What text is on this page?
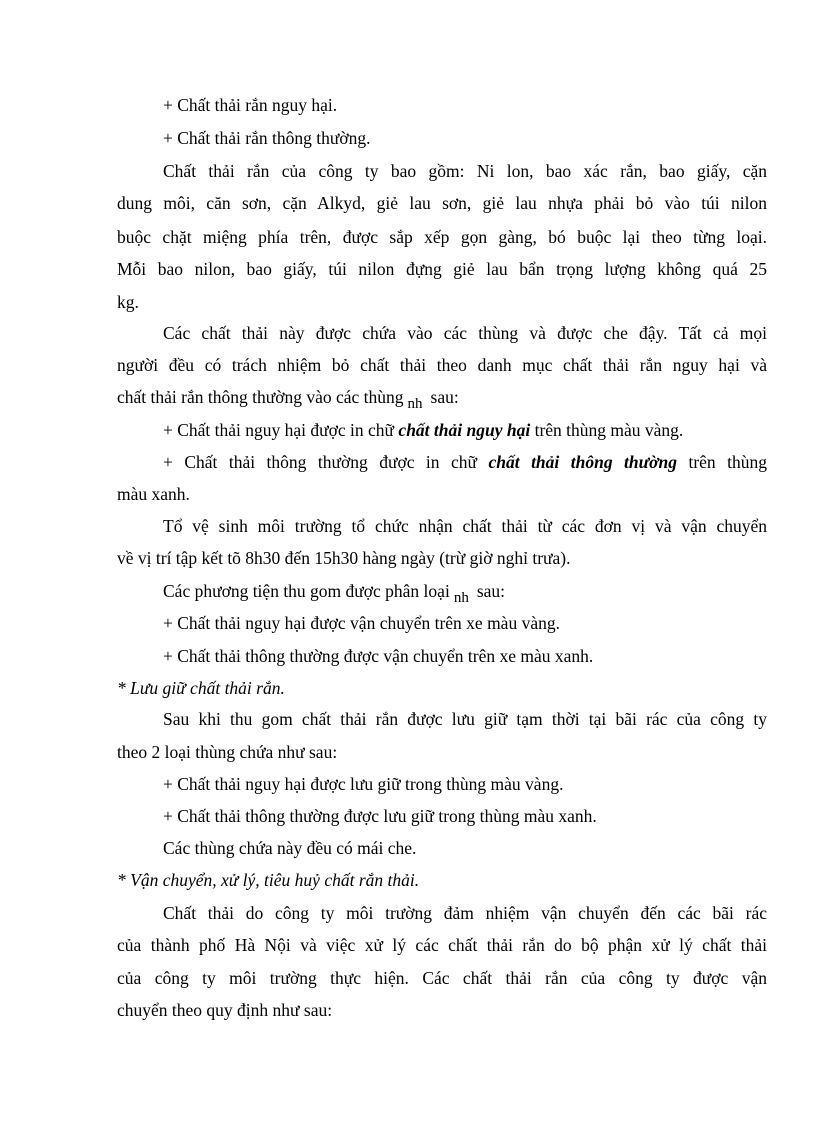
+ Chất thải rắn nguy hại.
+ Chất thải rắn thông thường.
Chất thải rắn của công ty bao gồm: Ni lon, bao xác rắn, bao giấy, cặn
dung môi, căn sơn, cặn Alkyd, giẻ lau sơn, giẻ lau nhựa phải bỏ vào túi nilon
buộc chặt miệng phía trên, được sắp xếp gọn gàng, bó buộc lại theo từng loại.
Mỗi bao nilon, bao giấy, túi nilon đựng giẻ lau bẩn trọng lượng không quá 25
kg.
Các chất thải này được chứa vào các thùng và được che đậy. Tất cả mọi
người đều có trách nhiệm bỏ chất thải theo danh mục chất thải rắn nguy hại và
chất thải rắn thông thường vào các thùng nh sau:
+ Chất thải nguy hại được in chữ chất thải nguy hại trên thùng màu vàng.
+ Chất thải thông thường được in chữ chất thải thông thường trên thùng
màu xanh.
Tổ vệ sinh môi trường tổ chức nhận chất thải từ các đơn vị và vận chuyển
về vị trí tập kết tõ 8h30 đến 15h30 hàng ngày (trừ giờ nghỉ trưa).
Các phương tiện thu gom được phân loại nh sau:
+ Chất thải nguy hại được vận chuyển trên xe màu vàng.
+ Chất thải thông thường được vận chuyển trên xe màu xanh.
* Lưu giữ chất thải rắn.
Sau khi thu gom chất thải rắn được lưu giữ tạm thời tại bãi rác của công ty
theo 2 loại thùng chứa như sau:
+ Chất thải nguy hại được lưu giữ trong thùng màu vàng.
+ Chất thải thông thường được lưu giữ trong thùng màu xanh.
Các thùng chứa này đều có mái che.
* Vận chuyển, xử lý, tiêu huỷ chất rắn thải.
Chất thải do công ty môi trường đảm nhiệm vận chuyển đến các bãi rác
của thành phố Hà Nội và việc xử lý các chất thải rắn do bộ phận xử lý chất thải
của công ty môi trường thực hiện. Các chất thải rắn của công ty được vận
chuyển theo quy định như sau:
